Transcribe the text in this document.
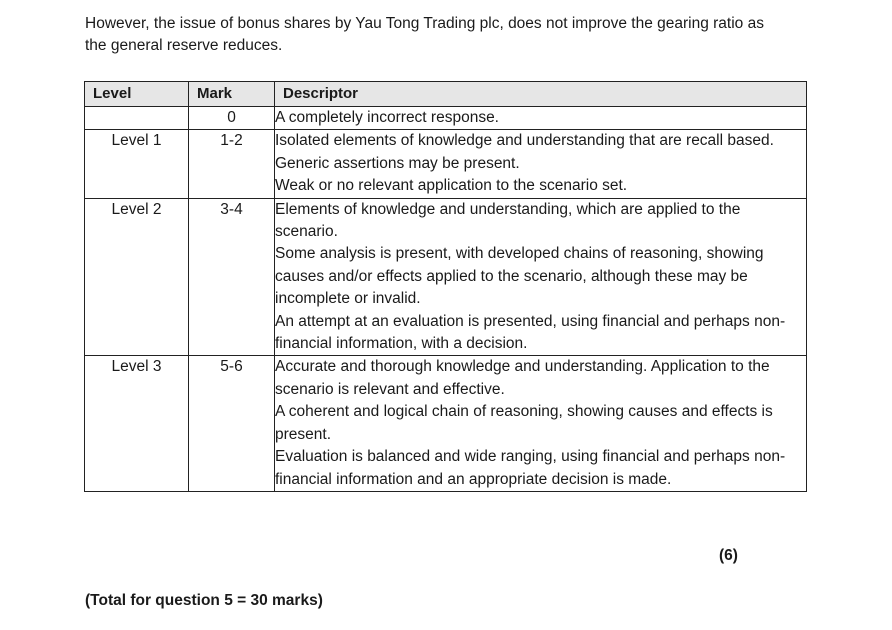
However, the issue of bonus shares by Yau Tong Trading plc, does not improve the gearing ratio as
the general reserve reduces.

Level	Mark	Descriptor
	0	A completely incorrect response.

Level 1	1-2	Isolated elements of knowledge and understanding that are recall based.
Generic assertions may be present.
Weak or no relevant application to the scenario set.

Level 2	3-4	Elements of knowledge and understanding, which are applied to the scenario.
Some analysis is present, with developed chains of reasoning, showing causes and/or effects applied to the scenario, although these may be incomplete or invalid.
An attempt at an evaluation is presented, using financial and perhaps non-financial information, with a decision.

Level 3	5-6	Accurate and thorough knowledge and understanding. Application to the scenario is relevant and effective.
A coherent and logical chain of reasoning, showing causes and effects is present.
Evaluation is balanced and wide ranging, using financial and perhaps non-financial information and an appropriate decision is made.
(6)
(Total for question 5 = 30 marks)
